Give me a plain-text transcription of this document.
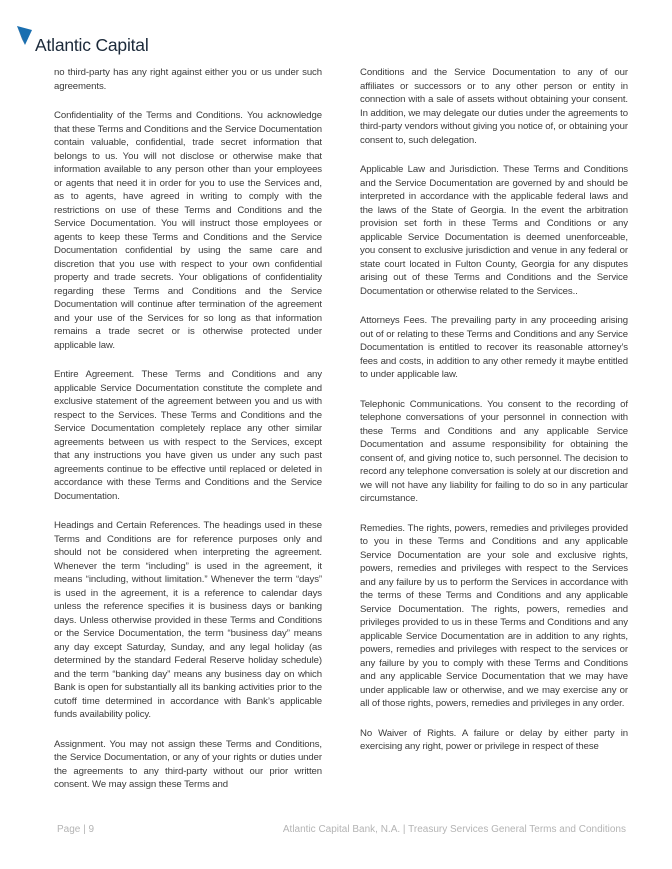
Atlantic Capital

no third-party has any right against either you or us under such agreements.

Confidentiality of the Terms and Conditions. You acknowledge that these Terms and Conditions and the Service Documentation contain valuable, confidential, trade secret information that belongs to us. You will not disclose or otherwise make that information available to any person other than your employees or agents that need it in order for you to use the Services and, as to agents, have agreed in writing to comply with the restrictions on use of these Terms and Conditions and the Service Documentation. You will instruct those employees or agents to keep these Terms and Conditions and the Service Documentation confidential by using the same care and discretion that you use with respect to your own confidential property and trade secrets. Your obligations of confidentiality regarding these Terms and Conditions and the Service Documentation will continue after termination of the agreement and your use of the Services for so long as that information remains a trade secret or is otherwise protected under applicable law.

Entire Agreement. These Terms and Conditions and any applicable Service Documentation constitute the complete and exclusive statement of the agreement between you and us with respect to the Services. These Terms and Conditions and the Service Documentation completely replace any other similar agreements between us with respect to the Services, except that any instructions you have given us under any such past agreements continue to be effective until replaced or deleted in accordance with these Terms and Conditions and the Service Documentation.

Headings and Certain References. The headings used in these Terms and Conditions are for reference purposes only and should not be considered when interpreting the agreement. Whenever the term “including” is used in the agreement, it means “including, without limitation.” Whenever the term “days” is used in the agreement, it is a reference to calendar days unless the reference specifies it is business days or banking days. Unless otherwise provided in these Terms and Conditions or the Service Documentation, the term “business day” means any day except Saturday, Sunday, and any legal holiday (as determined by the standard Federal Reserve holiday schedule) and the term “banking day” means any business day on which Bank is open for substantially all its banking activities prior to the cutoff time determined in accordance with Bank’s applicable funds availability policy.

Assignment. You may not assign these Terms and Conditions, the Service Documentation, or any of your rights or duties under the agreements to any third-party without our prior written consent. We may assign these Terms and

Conditions and the Service Documentation to any of our affiliates or successors or to any other person or entity in connection with a sale of assets without obtaining your consent. In addition, we may delegate our duties under the agreements to third-party vendors without giving you notice of, or obtaining your consent to, such delegation.

Applicable Law and Jurisdiction. These Terms and Conditions and the Service Documentation are governed by and should be interpreted in accordance with the applicable federal laws and the laws of the State of Georgia. In the event the arbitration provision set forth in these Terms and Conditions or any applicable Service Documentation is deemed unenforceable, you consent to exclusive jurisdiction and venue in any federal or state court located in Fulton County, Georgia for any disputes arising out of these Terms and Conditions and the Service Documentation or otherwise related to the Services..

Attorneys Fees. The prevailing party in any proceeding arising out of or relating to these Terms and Conditions and any Service Documentation is entitled to recover its reasonable attorney’s fees and costs, in addition to any other remedy it maybe entitled to under applicable law.

Telephonic Communications. You consent to the recording of telephone conversations of your personnel in connection with these Terms and Conditions and any applicable Service Documentation and assume responsibility for obtaining the consent of, and giving notice to, such personnel. The decision to record any telephone conversation is solely at our discretion and we will not have any liability for failing to do so in any particular circumstance.

Remedies. The rights, powers, remedies and privileges provided to you in these Terms and Conditions and any applicable Service Documentation are your sole and exclusive rights, powers, remedies and privileges with respect to the Services and any failure by us to perform the Services in accordance with the terms of these Terms and Conditions and any applicable Service Documentation. The rights, powers, remedies and privileges provided to us in these Terms and Conditions and any applicable Service Documentation are in addition to any rights, powers, remedies and privileges with respect to the services or any failure by you to comply with these Terms and Conditions and any applicable Service Documentation that we may have under applicable law or otherwise, and we may exercise any or all of those rights, powers, remedies and privileges in any order.

No Waiver of Rights. A failure or delay by either party in exercising any right, power or privilege in respect of these

Page | 9	Atlantic Capital Bank, N.A. | Treasury Services General Terms and Conditions
